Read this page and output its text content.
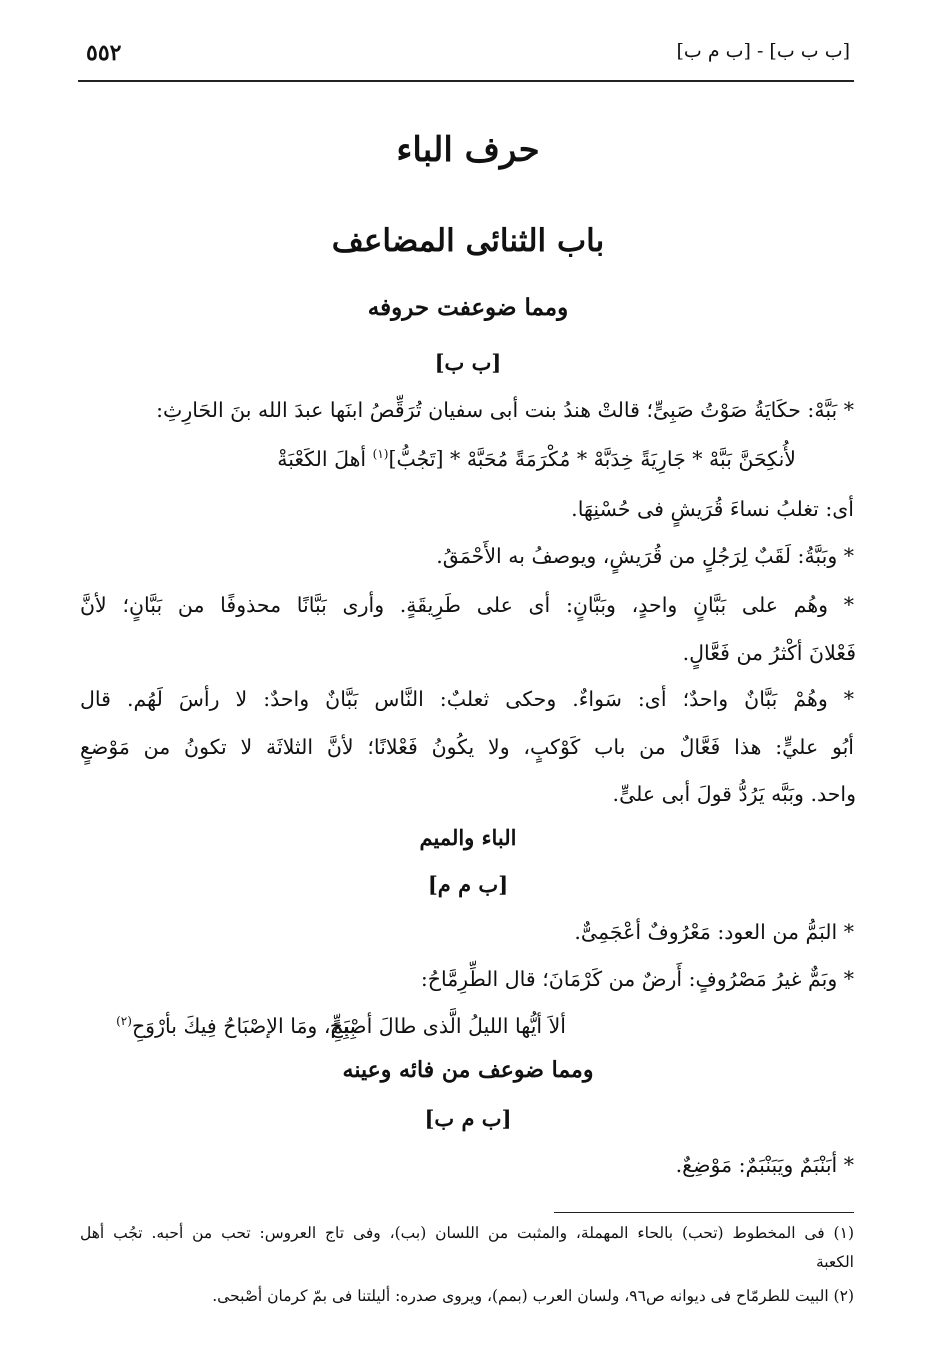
٥٥٢	[ب ب ب] - [ب م ب]
حرف الباء
باب الثنائى المضاعف
ومما ضوعفت حروفه
[ب ب]
* بَبَّهْ: حكَايَةُ صَوْتُ صَبِىٍّ؛ قالتْ هندُ بنت أبى سفيان تُرَقِّصُ ابنَها عبدَ الله بنَ الحَارِثِ:
لأُنكِحَنَّ بَبَّهْ * جَارِيَةً خِدَبَّهْ * مُكْرَمَةً مُحَبَّهْ * [تَجُبُّ]$^{(١)}$ أهلَ الكَعْبَةْ
أى: تغلبُ نساءَ قُرَيشٍ فى حُسْنِهَا.
* وبَبَّةُ: لَقَبٌ لِرَجُلٍ من قُرَيشٍ، ويوصفُ به الأَحْمَقُ.
* وهُم على بَبَّانٍ واحدٍ، وبَبَّانٍ: أى على طَرِيقَةٍ. وأرى بَبَّانًا محذوفًا من بَبَّانٍ؛ لأنَّ
فَعْلانَ أكْثرُ من فَعَّالٍ.
* وهُمْ بَبَّانٌ واحدٌ؛ أى: سَواءٌ. وحكى ثعلبٌ: النَّاس بَبَّانٌ واحدٌ: لا رأسَ لَهُم. قال
أبُو عليٍّ: هذا فَعَّالٌ من باب كَوْكبٍ، ولا يكُونُ فَعْلانًا؛ لأنَّ الثلاثَة لا تكونُ من مَوْضعٍ
واحد. وبَبَّه يَرُدُّ قولَ أبى علىٍّ.
الباء والميم
[ب م م]
* البَمُّ من العود: مَعْرُوفٌ أعْجَمِىٌّ.
* وبَمٌّ غيرُ مَصْرُوفٍ: أَرضٌ من كَرْمَانَ؛ قال الطِّرِمَّاحُ:
ألاَ أيُّها الليلُ الَّذى طالَ أصْبِحِ
بِبَمٍّ، ومَا الإصْبَاحُ فِيكَ بأرْوَحِ$^{(٢)}$
ومما ضوعف من فائه وعينه
[ب م ب]
* أبَنْبَمٌ ويَبَنْبَمٌ: مَوْضِعٌ.
(١) فى المخطوط (تحب) بالحاء المهملة، والمثبت من اللسان (بب)، وفى تاج العروس: تحب من أحبه. تجُب أهل
الكعبة
(٢) البيت للطرمّاح فى ديوانه ص٩٦، ولسان العرب (بمم)، ويروى صدره: أليلتنا فى بمّ كرمان أصْبحى.
